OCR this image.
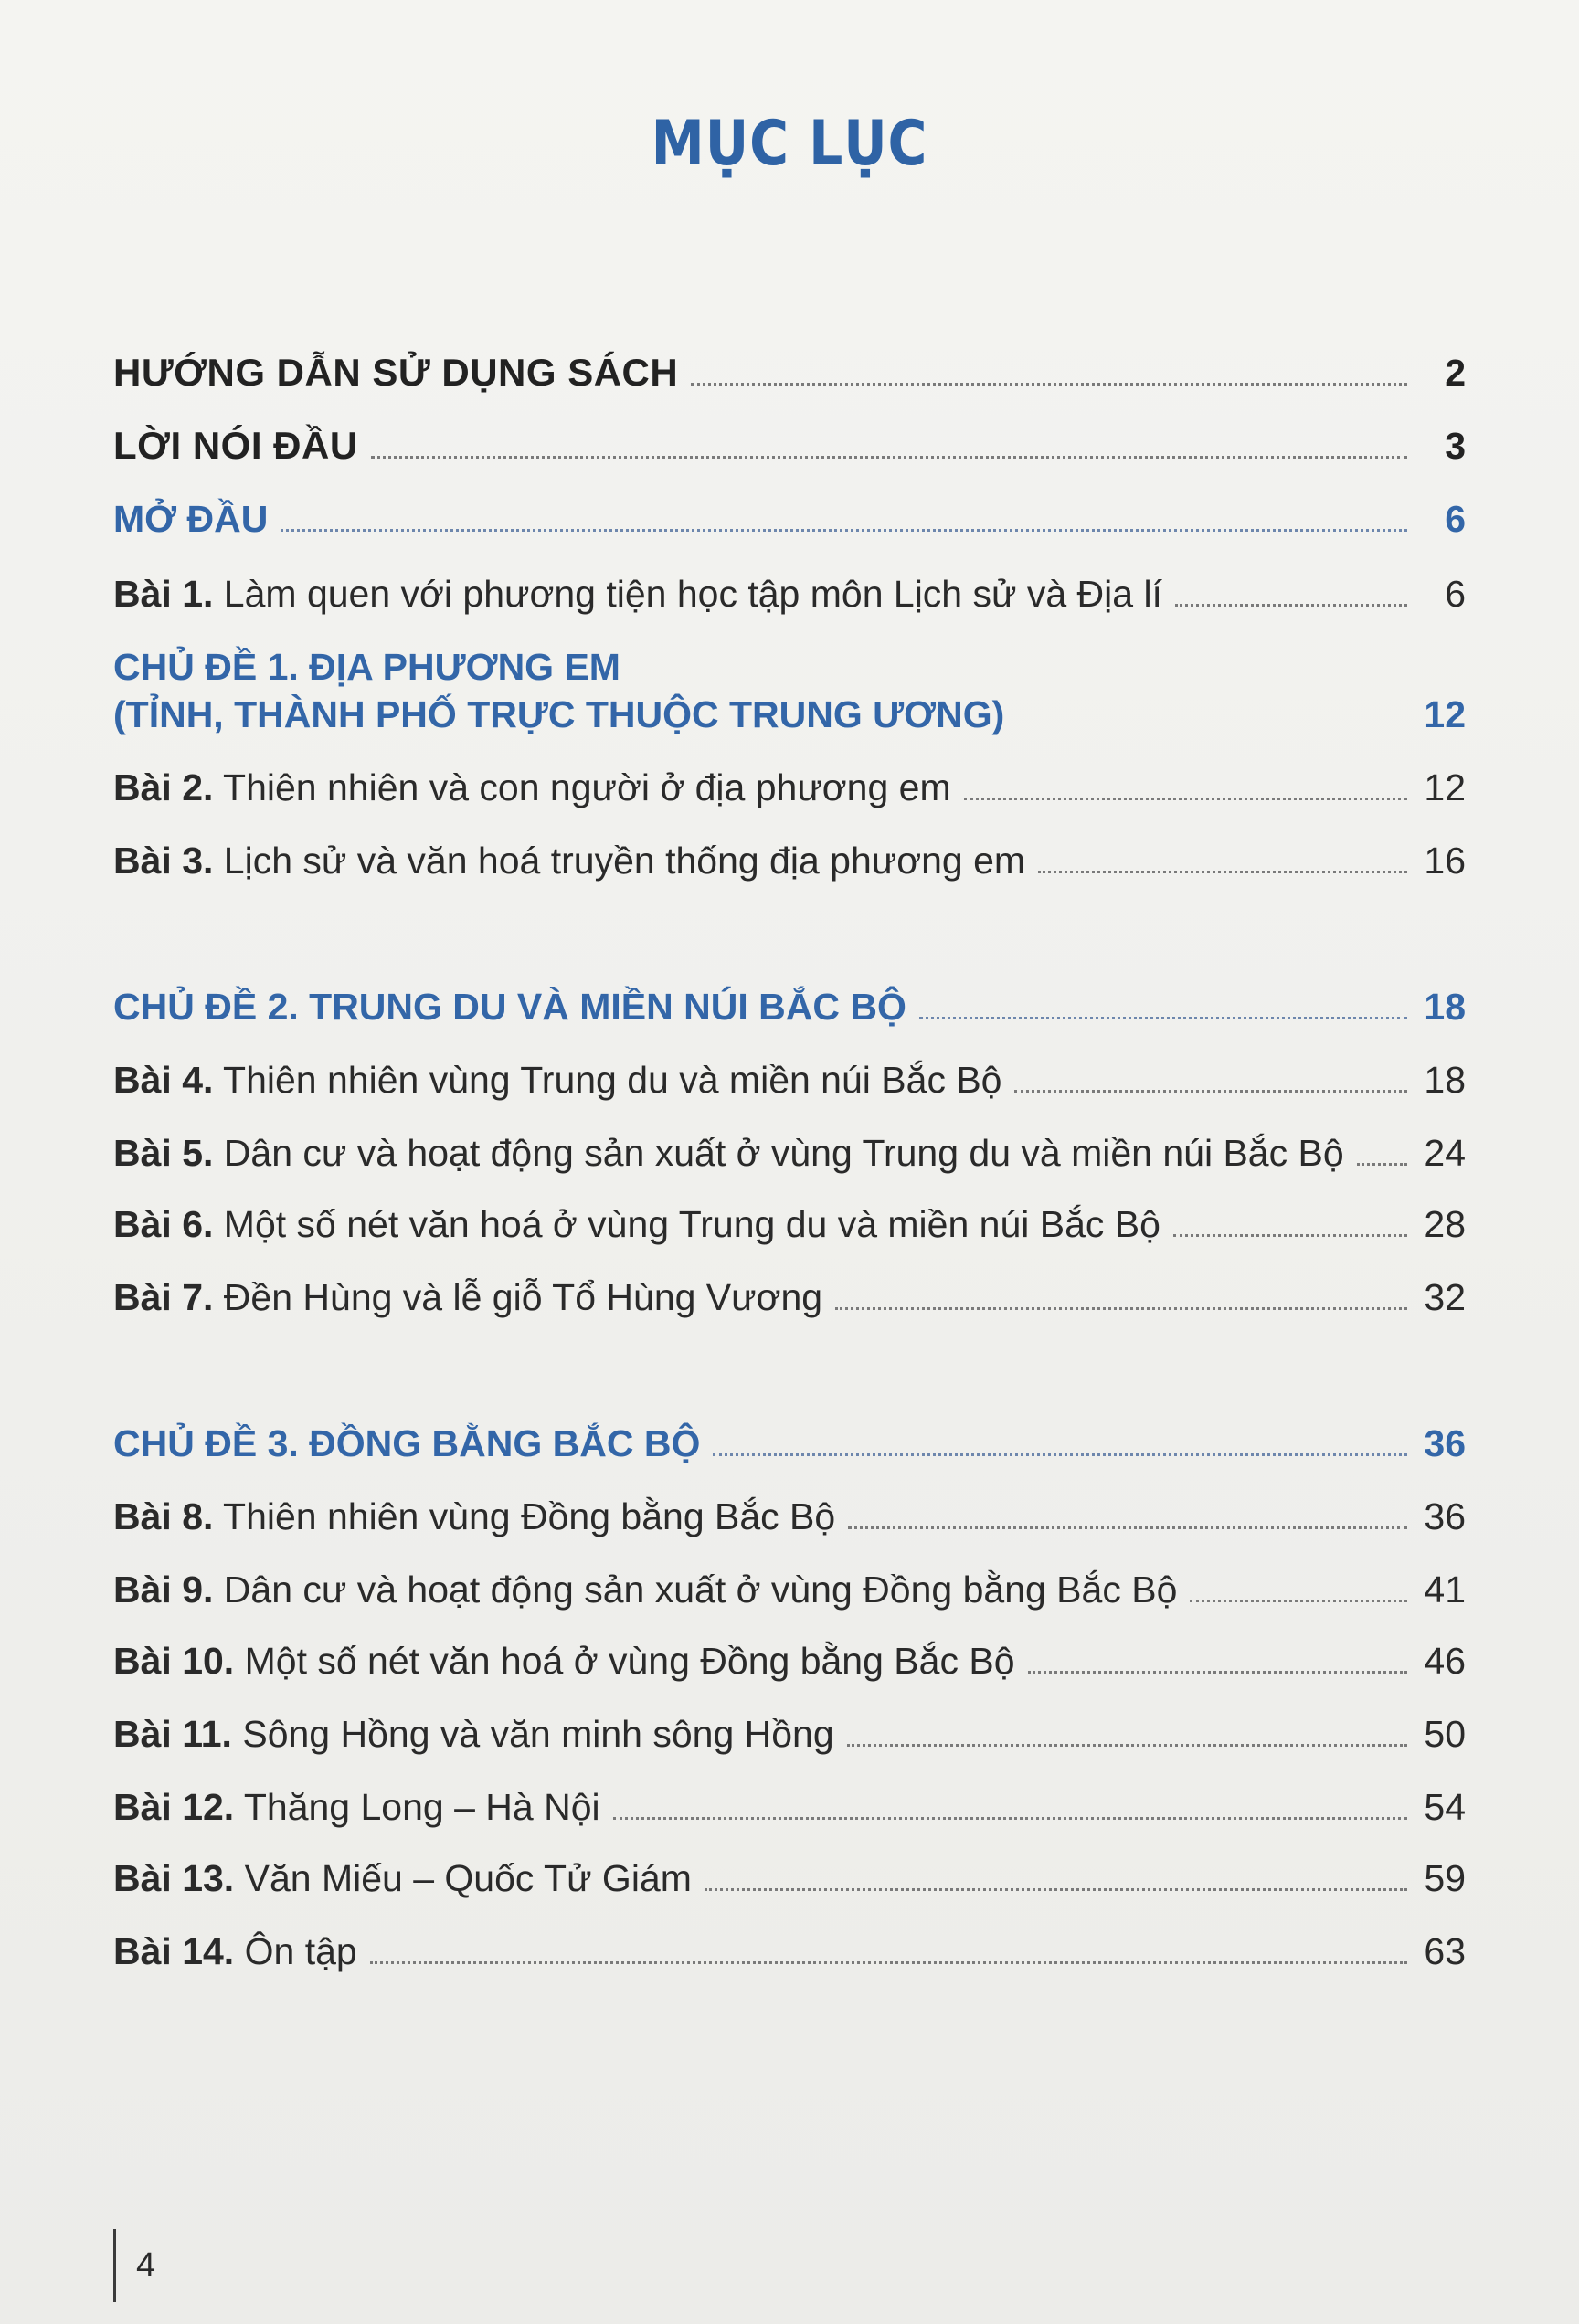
MỤC LỤC
HƯỚNG DẪN SỬ DỤNG SÁCH	2
LỜI NÓI ĐẦU	3
MỞ ĐẦU	6
Bài 1. Làm quen với phương tiện học tập môn Lịch sử và Địa lí	6
CHỦ ĐỀ 1. ĐỊA PHƯƠNG EM
(TỈNH, THÀNH PHỐ TRỰC THUỘC TRUNG ƯƠNG)	12
Bài 2. Thiên nhiên và con người ở địa phương em	12
Bài 3. Lịch sử và văn hoá truyền thống địa phương em	16
CHỦ ĐỀ 2. TRUNG DU VÀ MIỀN NÚI BẮC BỘ	18
Bài 4. Thiên nhiên vùng Trung du và miền núi Bắc Bộ	18
Bài 5. Dân cư và hoạt động sản xuất ở vùng Trung du và miền núi Bắc Bộ 24
Bài 6. Một số nét văn hoá ở vùng Trung du và miền núi Bắc Bộ	28
Bài 7. Đền Hùng và lễ giỗ Tổ Hùng Vương	32
CHỦ ĐỀ 3. ĐỒNG BẰNG BẮC BỘ	36
Bài 8. Thiên nhiên vùng Đồng bằng Bắc Bộ	36
Bài 9. Dân cư và hoạt động sản xuất ở vùng Đồng bằng Bắc Bộ	41
Bài 10. Một số nét văn hoá ở vùng Đồng bằng Bắc Bộ	46
Bài 11. Sông Hồng và văn minh sông Hồng	50
Bài 12. Thăng Long – Hà Nội	54
Bài 13. Văn Miếu – Quốc Tử Giám	59
Bài 14. Ôn tập	63
4
